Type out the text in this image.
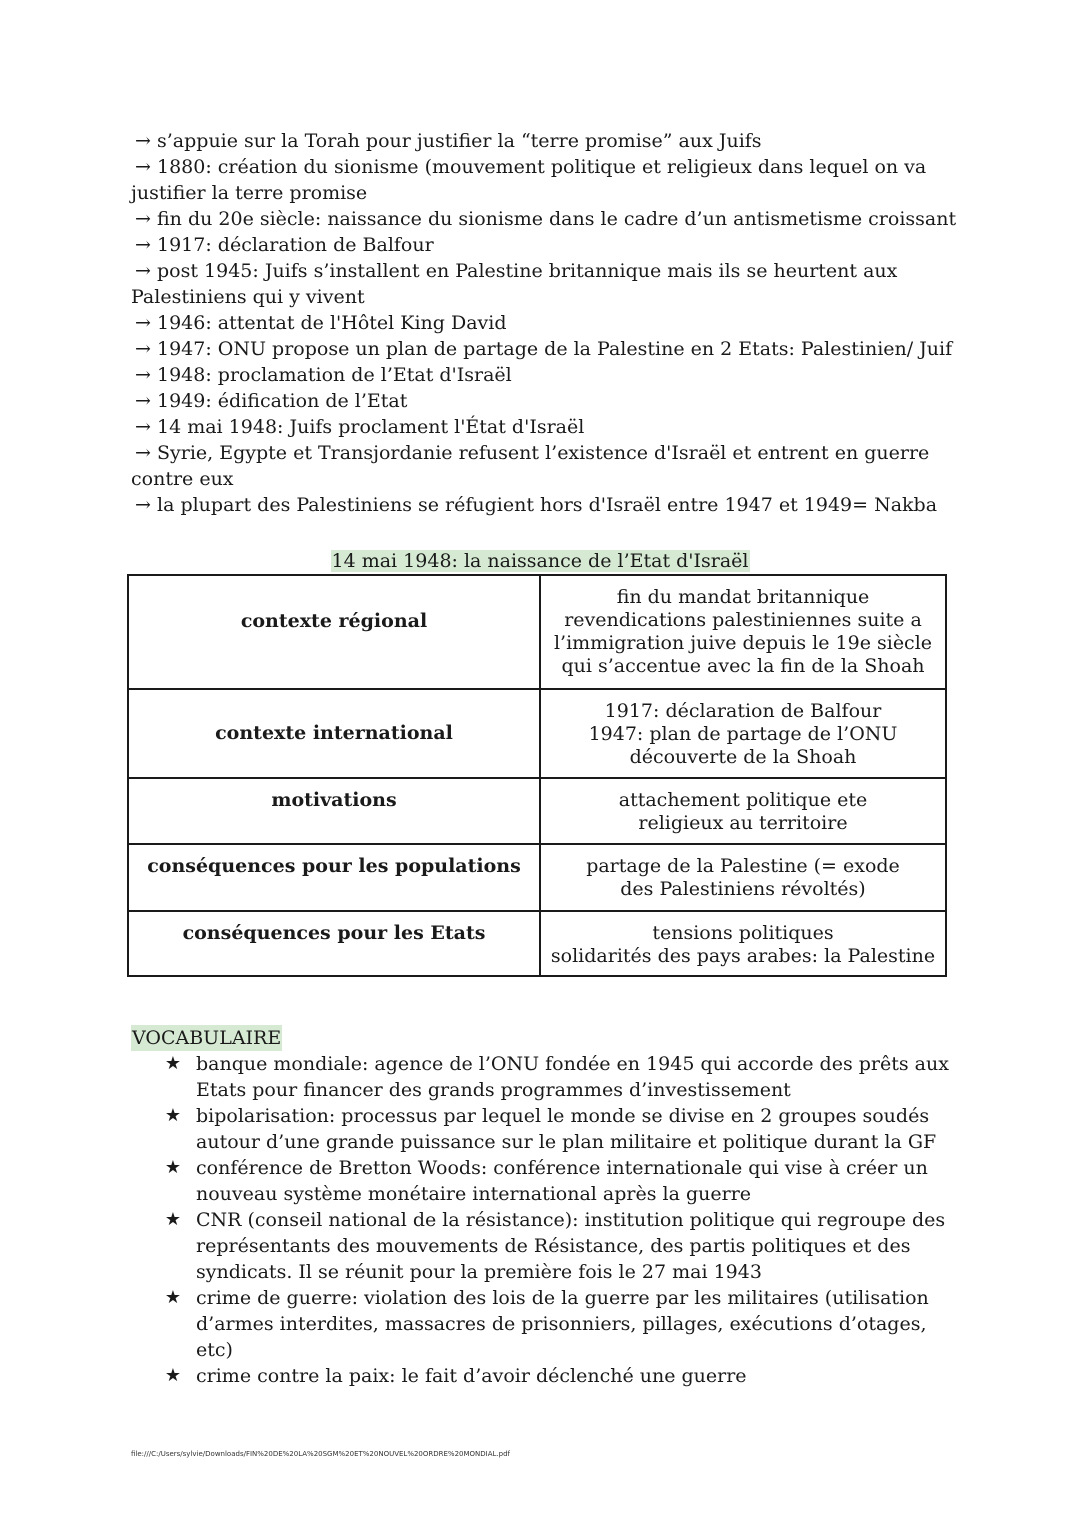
→ s’appuie sur la Torah pour justifier la “terre promise” aux Juifs

→ 1880: création du sionisme (mouvement politique et religieux dans lequel on va justifier la terre promise

→ fin du 20e siècle: naissance du sionisme dans le cadre d’un antismetisme croissant

→ 1917: déclaration de Balfour

→ post 1945: Juifs s’installent en Palestine britannique mais ils se heurtent aux Palestiniens qui y vivent

→ 1946: attentat de l'Hôtel King David

→ 1947: ONU propose un plan de partage de la Palestine en 2 Etats: Palestinien/ Juif

→ 1948: proclamation de l’Etat d'Israël

→ 1949: édification de l’Etat

→ 14 mai 1948: Juifs proclament l'État d'Israël

→ Syrie, Egypte et Transjordanie refusent l’existence d'Israël et entrent en guerre contre eux

→ la plupart des Palestiniens se réfugient hors d'Israël entre 1947 et 1949= Nakba

14 mai 1948: la naissance de l’Etat d'Israël
contexte régional	fin du mandat britannique
revendications palestiniennes suite a l’immigration juive depuis le 19e siècle qui s’accentue avec la fin de la Shoah

contexte international	1917: déclaration de Balfour
1947: plan de partage de l’ONU
découverte de la Shoah

motivations	attachement politique ete religieux au territoire

conséquences pour les populations	partage de la Palestine (= exode des Palestiniens révoltés)

conséquences pour les Etats	tensions politiques
solidarités des pays arabes: la Palestine
VOCABULAIRE
★ banque mondiale: agence de l’ONU fondée en 1945 qui accorde des prêts aux Etats pour financer des grands programmes d’investissement
★ bipolarisation: processus par lequel le monde se divise en 2 groupes soudés autour d’une grande puissance sur le plan militaire et politique durant la GF
★ conférence de Bretton Woods: conférence internationale qui vise à créer un nouveau système monétaire international après la guerre
★ CNR (conseil national de la résistance): institution politique qui regroupe des représentants des mouvements de Résistance, des partis politiques et des syndicats. Il se réunit pour la première fois le 27 mai 1943
★ crime de guerre: violation des lois de la guerre par les militaires (utilisation d’armes interdites, massacres de prisonniers, pillages, exécutions d’otages, etc)
★ crime contre la paix: le fait d’avoir déclenché une guerre
file:///C:/Users/sylvie/Downloads/FIN%20DE%20LA%20SGM%20ET%20NOUVEL%20ORDRE%20MONDIAL.pdf
